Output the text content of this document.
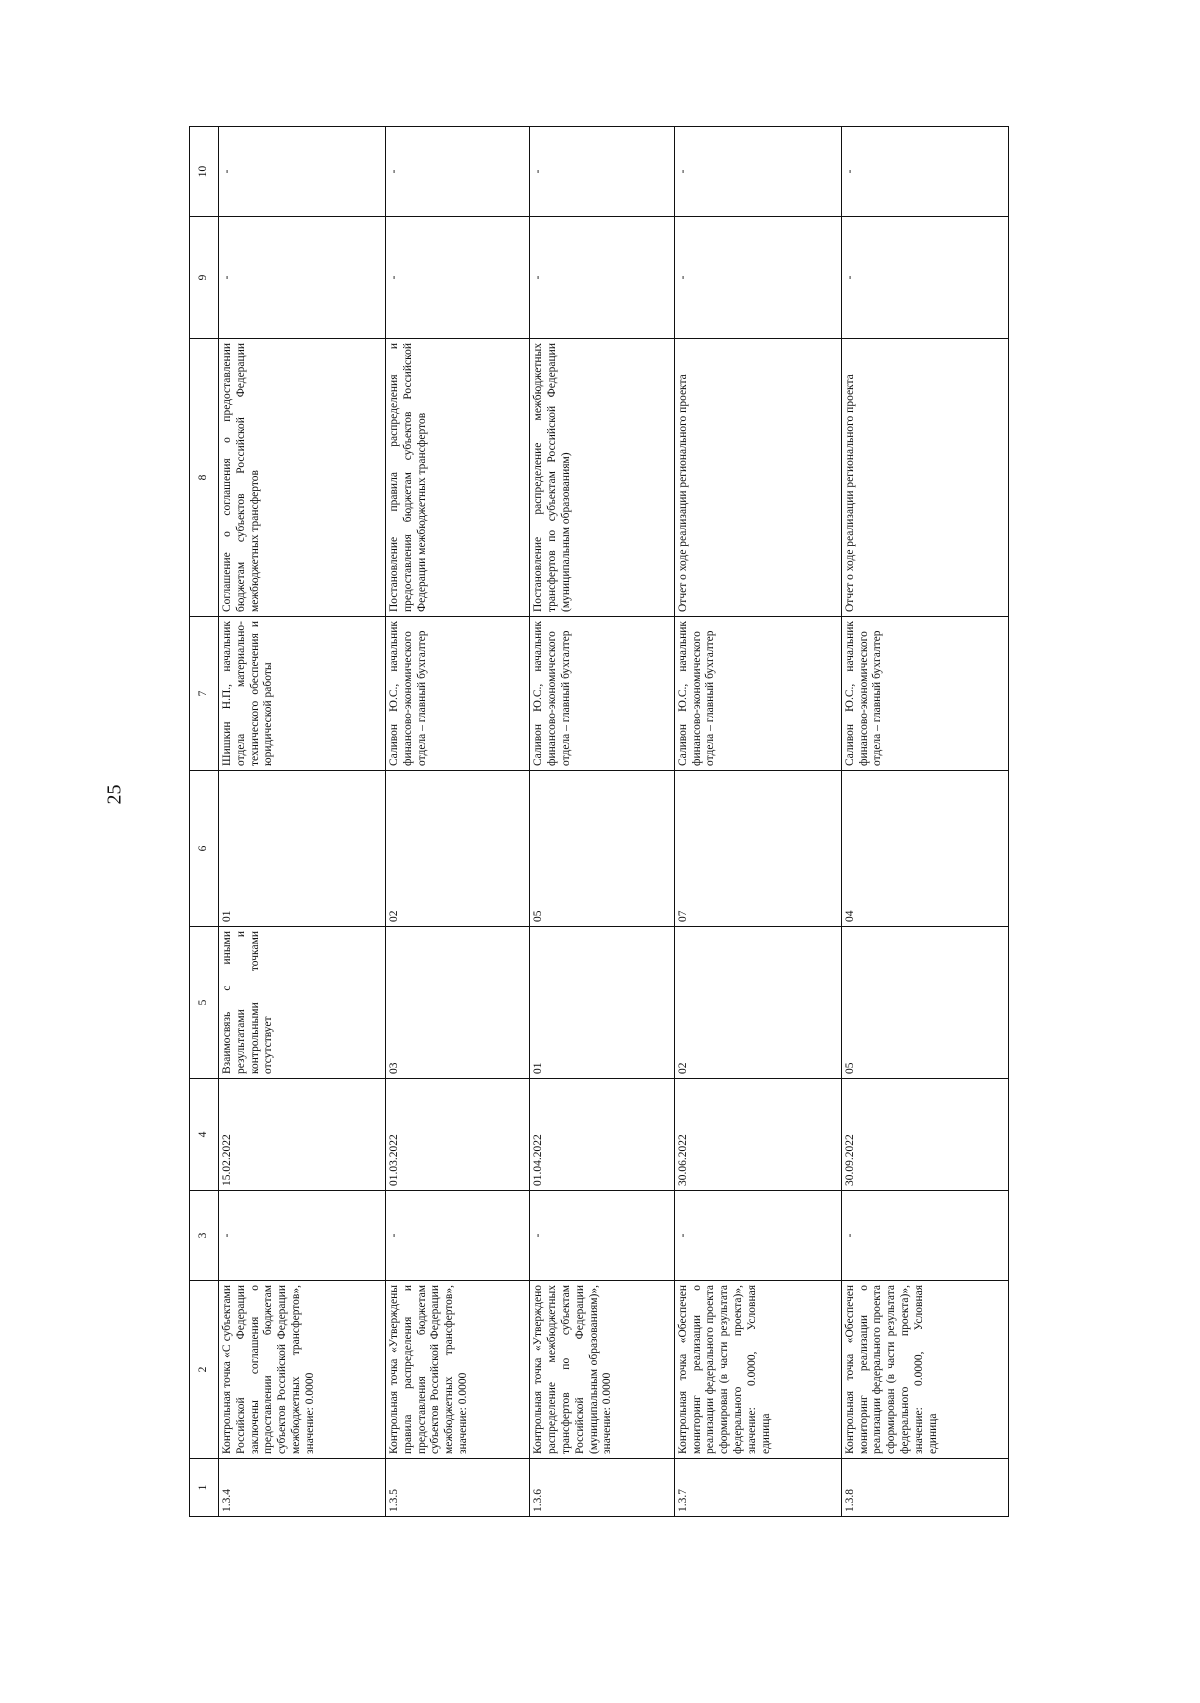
25
1	2	3	4	5	6	7	8	9	10
1.3.4	Контрольная точка «С субъектами Российской Федерации заключены соглашения о предоставлении бюджетам субъектов Российской Федерации межбюджетных трансфертов», значение: 0.0000	-	15.02.2022	Взаимосвязь с иными результатами и контрольными точками отсутствует	01	Шишкин Н.П., начальник отдела материально-технического обеспечения и юридической работы	Соглашение о соглашения о предоставлении бюджетам субъектов Российской Федерации межбюджетных трансфертов	-	-
1.3.5	Контрольная точка «Утверждены правила распределения и предоставления бюджетам субъектов Российской Федерации межбюджетных трансфертов», значение: 0.0000	-	01.03.2022	03	02	Саливон Ю.С., начальник финансово-экономического отдела – главный бухгалтер	Постановление правила распределения и предоставления бюджетам субъектов Российской Федерации межбюджетных трансфертов	-	-
1.3.6	Контрольная точка «Утверждено распределение межбюджетных трансфертов по субъектам Российской Федерации (муниципальным образованиям)», значение: 0.0000	-	01.04.2022	01	05	Саливон Ю.С., начальник финансово-экономического отдела – главный бухгалтер	Постановление распределение межбюджетных трансфертов по субъектам Российской Федерации (муниципальным образованиям)	-	-
1.3.7	Контрольная точка «Обеспечен мониторинг реализации о реализации федерального проекта сформирован (в части результата федерального проекта)», значение: 0.0000, Условная единица	-	30.06.2022	02	07	Саливон Ю.С., начальник финансово-экономического отдела – главный бухгалтер	Отчет о ходе реализации регионального проекта	-	-
1.3.8	Контрольная точка «Обеспечен мониторинг реализации о реализации федерального проекта сформирован (в части результата федерального проекта)», значение: 0.0000, Условная единица	-	30.09.2022	05	04	Саливон Ю.С., начальник финансово-экономического отдела – главный бухгалтер	Отчет о ходе реализации регионального проекта	-	-
